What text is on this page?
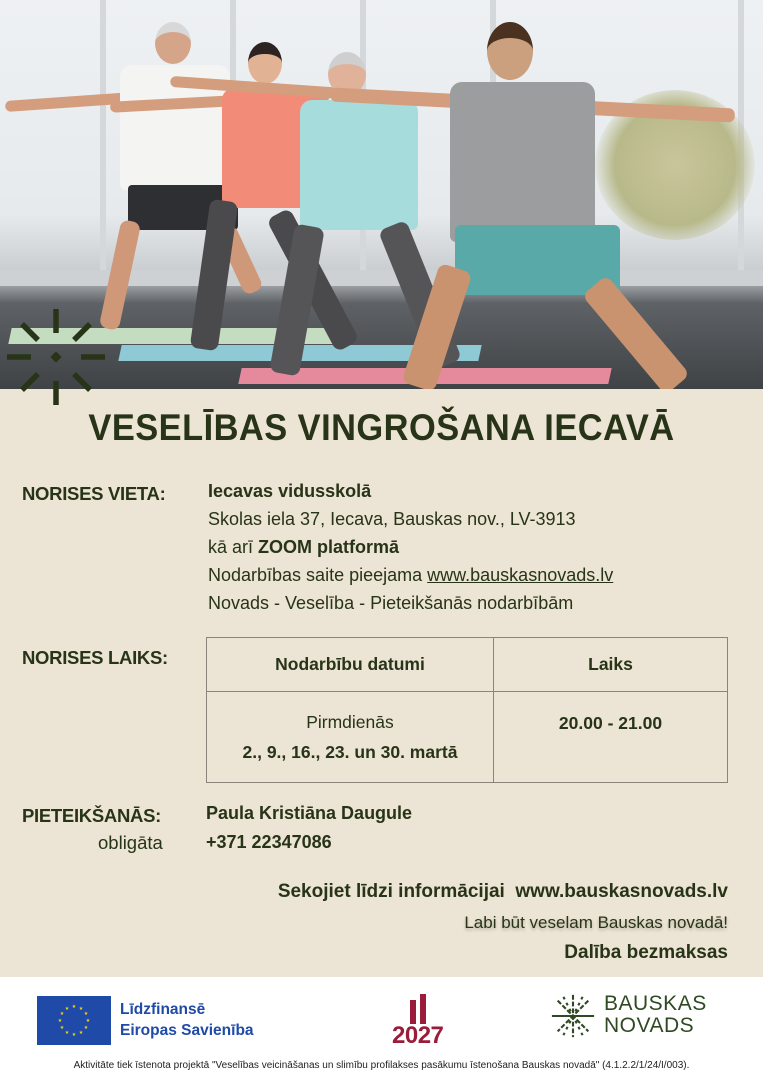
VESELĪBAS VINGROŠANA IECAVĀ
NORISES VIETA: Iecavas vidusskolā
Skolas iela 37, Iecava, Bauskas nov., LV-3913
kā arī ZOOM platformā
Nodarbības saite pieejama www.bauskasnovads.lv
Novads - Veselība - Pieteikšanās nodarbībām
NORISES LAIKS:	Nodarbību datumi	Laiks

Pirmdienās
2., 9., 16., 23. un 30. martā	20.00 - 21.00
PIETEIKŠANĀS:
obligāta
Paula Kristiāna Daugule
+371 22347086
Sekojiet līdzi informācijai www.bauskasnovads.lv
Labi būt veselam Bauskas novadā!
Dalība bezmaksas
★ ★
★
★
★
★
★
★
★
★
★
★	Līdzfinansē
Eiropas Savienība	2027
BAUSKAS
NOVADS
Aktivitāte tiek īstenota projektā "Veselības veicināšanas un slimību profilakses pasākumu īstenošana Bauskas novadā" (4.1.2.2/1/24/I/003).
